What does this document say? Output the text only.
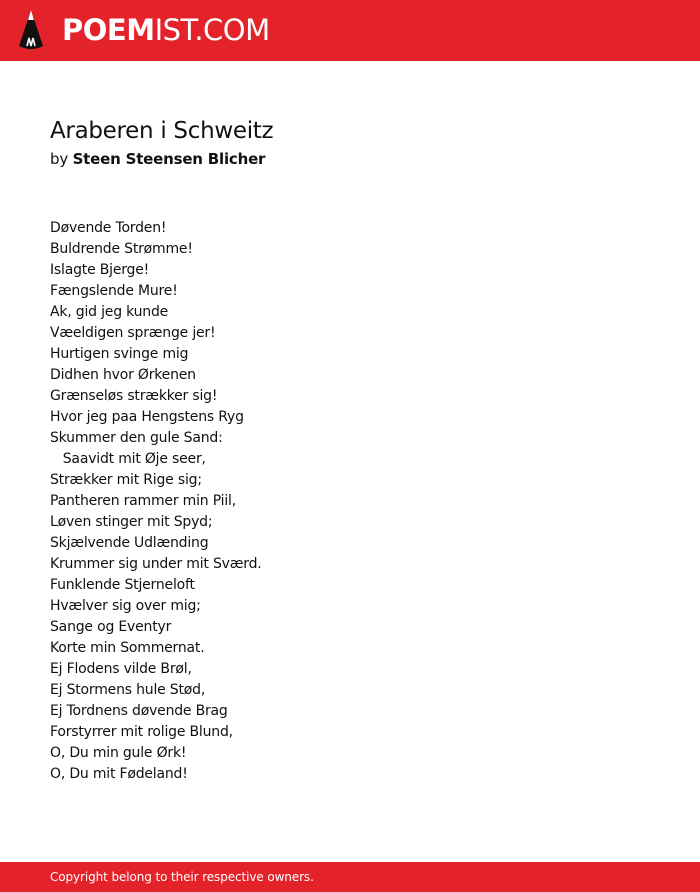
POEMIST.COM
Araberen i Schweitz
by Steen Steensen Blicher
Døvende Torden!
Buldrende Strømme!
Islagte Bjerge!
Fængslende Mure!
Ak, gid jeg kunde
Væeldigen sprænge jer!
Hurtigen svinge mig
Didhen hvor Ørkenen
Grænseløs strækker sig!
Hvor jeg paa Hengstens Ryg
Skummer den gule Sand:
Saavidt mit Øje seer,
Strækker mit Rige sig;
Pantheren rammer min Piil,
Løven stinger mit Spyd;
Skjælvende Udlænding
Krummer sig under mit Sværd.
Funklende Stjerneloft
Hvælver sig over mig;
Sange og Eventyr
Korte min Sommernat.
Ej Flodens vilde Brøl,
Ej Stormens hule Stød,
Ej Tordnens døvende Brag
Forstyrrer mit rolige Blund,
O, Du min gule Ørk!
O, Du mit Fødeland!
Copyright belong to their respective owners.
